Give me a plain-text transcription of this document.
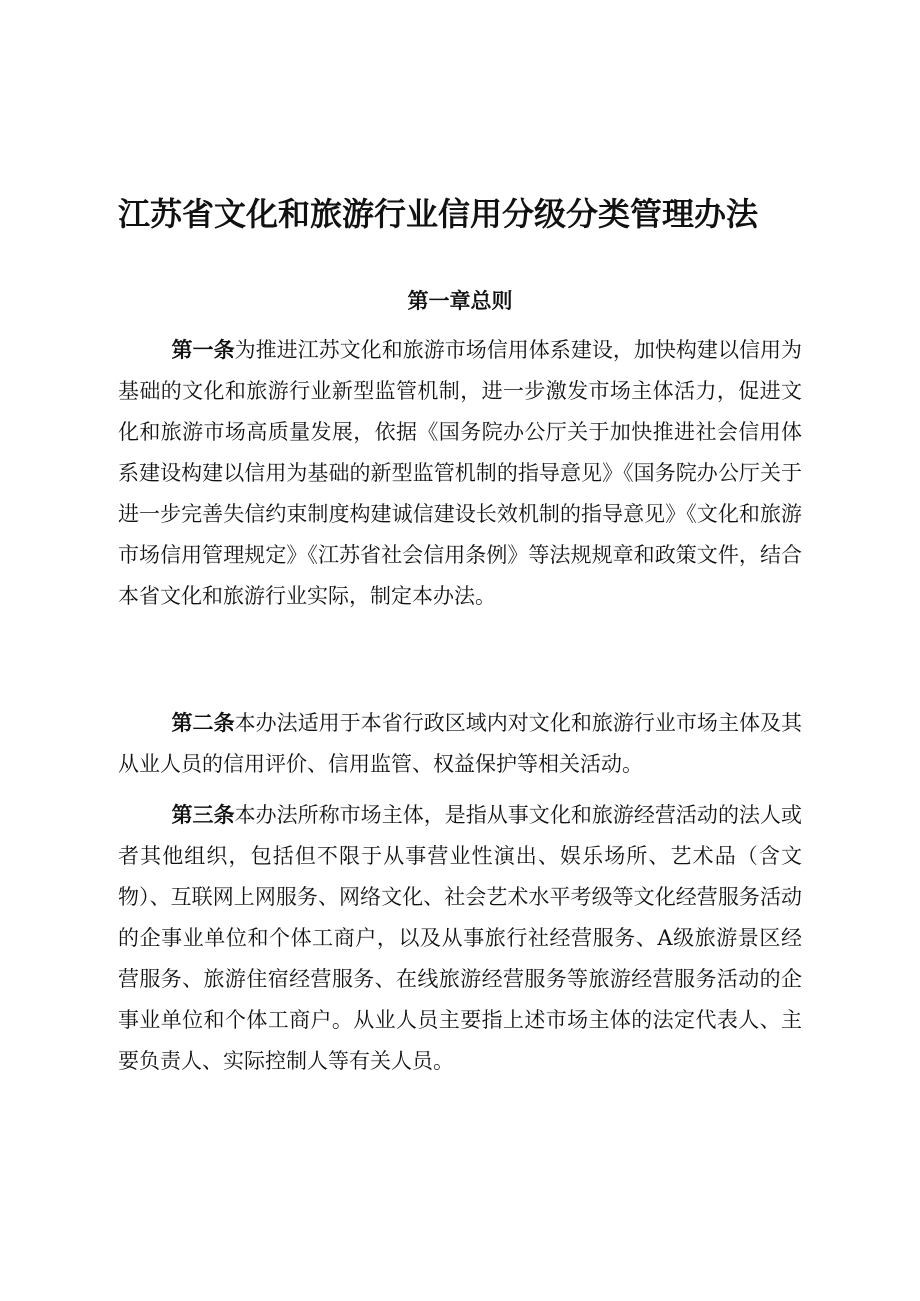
江苏省文化和旅游行业信用分级分类管理办法
第一章总则

第一条为推进江苏文化和旅游市场信用体系建设，加快构建以信用为基础的文化和旅游行业新型监管机制，进一步激发市场主体活力，促进文化和旅游市场高质量发展，依据《国务院办公厅关于加快推进社会信用体系建设构建以信用为基础的新型监管机制的指导意见》《国务院办公厅关于进一步完善失信约束制度构建诚信建设长效机制的指导意见》《文化和旅游市场信用管理规定》《江苏省社会信用条例》等法规规章和政策文件，结合本省文化和旅游行业实际，制定本办法。

第二条本办法适用于本省行政区域内对文化和旅游行业市场主体及其从业人员的信用评价、信用监管、权益保护等相关活动。

第三条本办法所称市场主体，是指从事文化和旅游经营活动的法人或者其他组织，包括但不限于从事营业性演出、娱乐场所、艺术品（含文物）、互联网上网服务、网络文化、社会艺术水平考级等文化经营服务活动的企事业单位和个体工商户，以及从事旅行社经营服务、A级旅游景区经营服务、旅游住宿经营服务、在线旅游经营服务等旅游经营服务活动的企事业单位和个体工商户。从业人员主要指上述市场主体的法定代表人、主要负责人、实际控制人等有关人员。
